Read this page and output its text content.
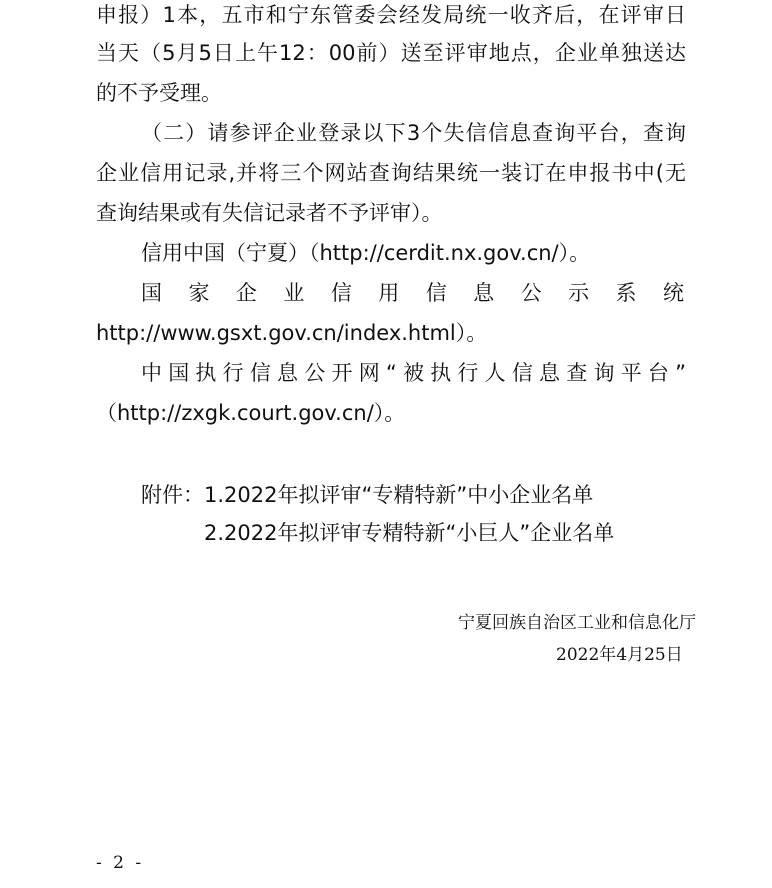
申报）1本，五市和宁东管委会经发局统一收齐后，在评审日
当天（5月5日上午12：00前）送至评审地点，企业单独送达
的不予受理。
（二）请参评企业登录以下3个失信信息查询平台，查询
企业信用记录,并将三个网站查询结果统一装订在申报书中(无
查询结果或有失信记录者不予评审）。
信用中国（宁夏）（http://cerdit.nx.gov.cn/）。
国家企业信用信息公示系统
http://www.gsxt.gov.cn/index.html）。
中国执行信息公开网“被执行人信息查询平台”
（http://zxgk.court.gov.cn/）。
附件：1.2022年拟评审“专精特新”中小企业名单
2.2022年拟评审专精特新“小巨人”企业名单
宁夏回族自治区工业和信息化厅
2022年4月25日
- 2 -
